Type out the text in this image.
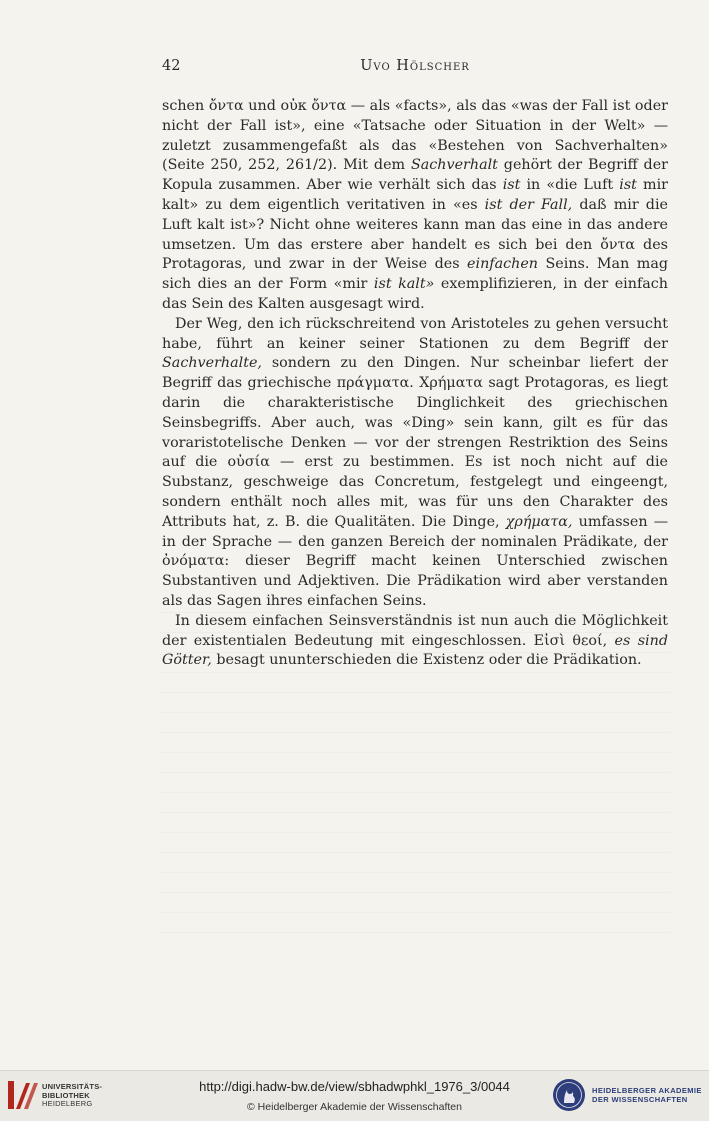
42	Uvo Hölscher

schen ὄντα und οὐκ ὄντα — als «facts», als das «was der Fall ist oder nicht der Fall ist», eine «Tatsache oder Situation in der Welt» — zuletzt zusammengefaßt als das «Bestehen von Sachverhalten» (Seite 250, 252, 261/2). Mit dem Sachverhalt gehört der Begriff der Kopula zusammen. Aber wie verhält sich das ist in «die Luft ist mir kalt» zu dem eigentlich veritativen in «es ist der Fall, daß mir die Luft kalt ist»? Nicht ohne weiteres kann man das eine in das andere umsetzen. Um das erstere aber handelt es sich bei den ὄντα des Protagoras, und zwar in der Weise des einfachen Seins. Man mag sich dies an der Form «mir ist kalt» exemplifizieren, in der einfach das Sein des Kalten ausgesagt wird.

Der Weg, den ich rückschreitend von Aristoteles zu gehen versucht habe, führt an keiner seiner Stationen zu dem Begriff der Sachverhalte, sondern zu den Dingen. Nur scheinbar liefert der Begriff das griechische πράγματα. Χρήματα sagt Protagoras, es liegt darin die charakteristische Dinglichkeit des griechischen Seinsbegriffs. Aber auch, was «Ding» sein kann, gilt es für das voraristotelische Denken — vor der strengen Restriktion des Seins auf die οὐσία — erst zu bestimmen. Es ist noch nicht auf die Substanz, geschweige das Concretum, festgelegt und eingeengt, sondern enthält noch alles mit, was für uns den Charakter des Attributs hat, z. B. die Qualitäten. Die Dinge, χρήματα, umfassen — in der Sprache — den ganzen Bereich der nominalen Prädikate, der ὀνόματα: dieser Begriff macht keinen Unterschied zwischen Substantiven und Adjektiven. Die Prädikation wird aber verstanden als das Sagen ihres einfachen Seins.

In diesem einfachen Seinsverständnis ist nun auch die Möglichkeit der existentialen Bedeutung mit eingeschlossen. Εἰσὶ θεοί, es sind Götter, besagt ununterschieden die Existenz oder die Prädikation.

UNIVERSITÄTS-
BIBLIOTHEK
HEIDELBERG
http://digi.hadw-bw.de/view/sbhadwphkl_1976_3/0044
© Heidelberger Akademie der Wissenschaften
HEIDELBERGER AKADEMIE
DER WISSENSCHAFTEN
